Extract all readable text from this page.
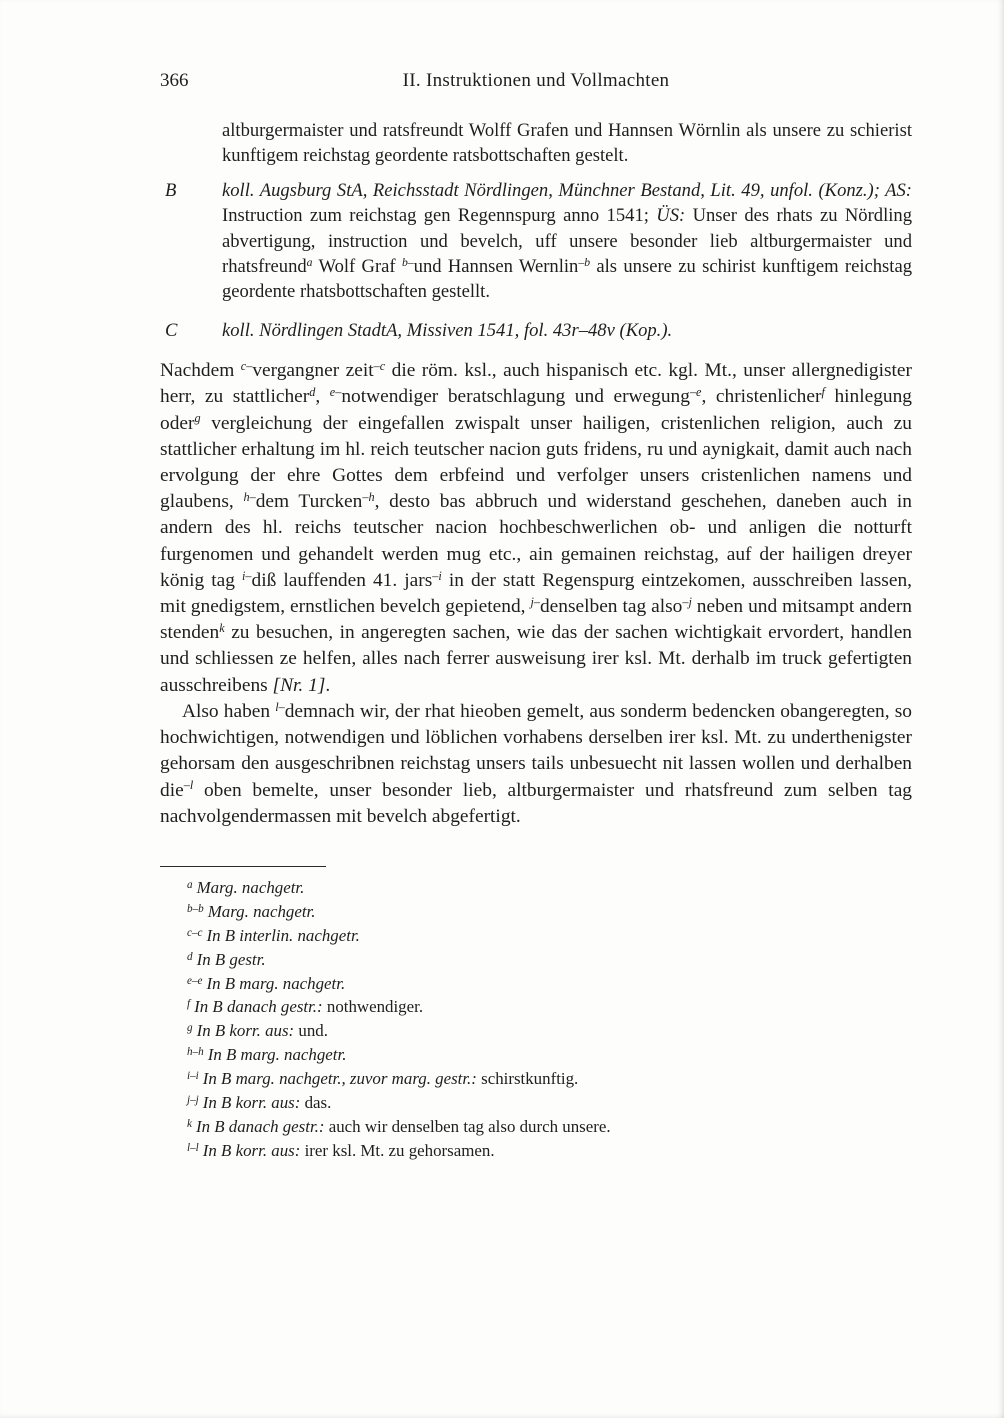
366	II. Instruktionen und Vollmachten

altburgermaister und ratsfreundt Wolff Grafen und Hannsen Wörnlin als unsere zu schierist kunftigem reichstag geordente ratsbottschaften gestelt.

B koll. Augsburg StA, Reichsstadt Nördlingen, Münchner Bestand, Lit. 49, unfol. (Konz.); AS: Instruction zum reichstag gen Regennspurg anno 1541; ÜS: Unser des rhats zu Nördling abvertigung, instruction und bevelch, uff unsere besonder lieb altburgermaister und rhatsfreund$^a$ Wolf Graf $^{b-}$und Hannsen Wernlin$^{-b}$ als unsere zu schirist kunftigem reichstag geordente rhatsbottschaften gestellt.

C koll. Nördlingen StadtA, Missiven 1541, fol. 43r–48v (Kop.).

Nachdem $^{c-}$vergangner zeit$^{-c}$ die röm. ksl., auch hispanisch etc. kgl. Mt., unser allergnedigister herr, zu stattlicher$^d$, $^{e-}$notwendiger beratschlagung und erwegung$^{-e}$, christenlicher$^f$ hinlegung oder$^g$ vergleichung der eingefallen zwispalt unser hailigen, cristenlichen religion, auch zu stattlicher erhaltung im hl. reich teutscher nacion guts fridens, ru und aynigkait, damit auch nach ervolgung der ehre Gottes dem erbfeind und verfolger unsers cristenlichen namens und glaubens, $^{h-}$dem Turcken$^{-h}$, desto bas abbruch und widerstand geschehen, daneben auch in andern des hl. reichs teutscher nacion hochbeschwerlichen ob- und anligen die notturft furgenomen und gehandelt werden mug etc., ain gemainen reichstag, auf der hailigen dreyer könig tag $^{i-}$diß lauffenden 41. jars$^{-i}$ in der statt Regenspurg eintzekomen, ausschreiben lassen, mit gnedigstem, ernstlichen bevelch gepietend, $^{j-}$denselben tag also$^{-j}$ neben und mitsampt andern stenden$^k$ zu besuchen, in angeregten sachen, wie das der sachen wichtigkait ervordert, handlen und schliessen ze helfen, alles nach ferrer ausweisung irer ksl. Mt. derhalb im truck gefertigten ausschreibens [Nr. 1].

Also haben $^{l-}$demnach wir, der rhat hieoben gemelt, aus sonderm bedencken obangeregten, so hochwichtigen, notwendigen und löblichen vorhabens derselben irer ksl. Mt. zu underthenigster gehorsam den ausgeschribnen reichstag unsers tails unbesuecht nit lassen wollen und derhalben die$^{-l}$ oben bemelte, unser besonder lieb, altburgermaister und rhatsfreund zum selben tag nachvolgendermassen mit bevelch abgefertigt.

$^a$ Marg. nachgetr.

$^{b-b}$ Marg. nachgetr.

$^{c-c}$ In B interlin. nachgetr.

$^d$ In B gestr.

$^{e-e}$ In B marg. nachgetr.

$^f$ In B danach gestr.: nothwendiger.

$^g$ In B korr. aus: und.

$^{h-h}$ In B marg. nachgetr.

$^{i-i}$ In B marg. nachgetr., zuvor marg. gestr.: schirstkunftig.

$^{j-j}$ In B korr. aus: das.

$^k$ In B danach gestr.: auch wir denselben tag also durch unsere.

$^{l-l}$ In B korr. aus: irer ksl. Mt. zu gehorsamen.
